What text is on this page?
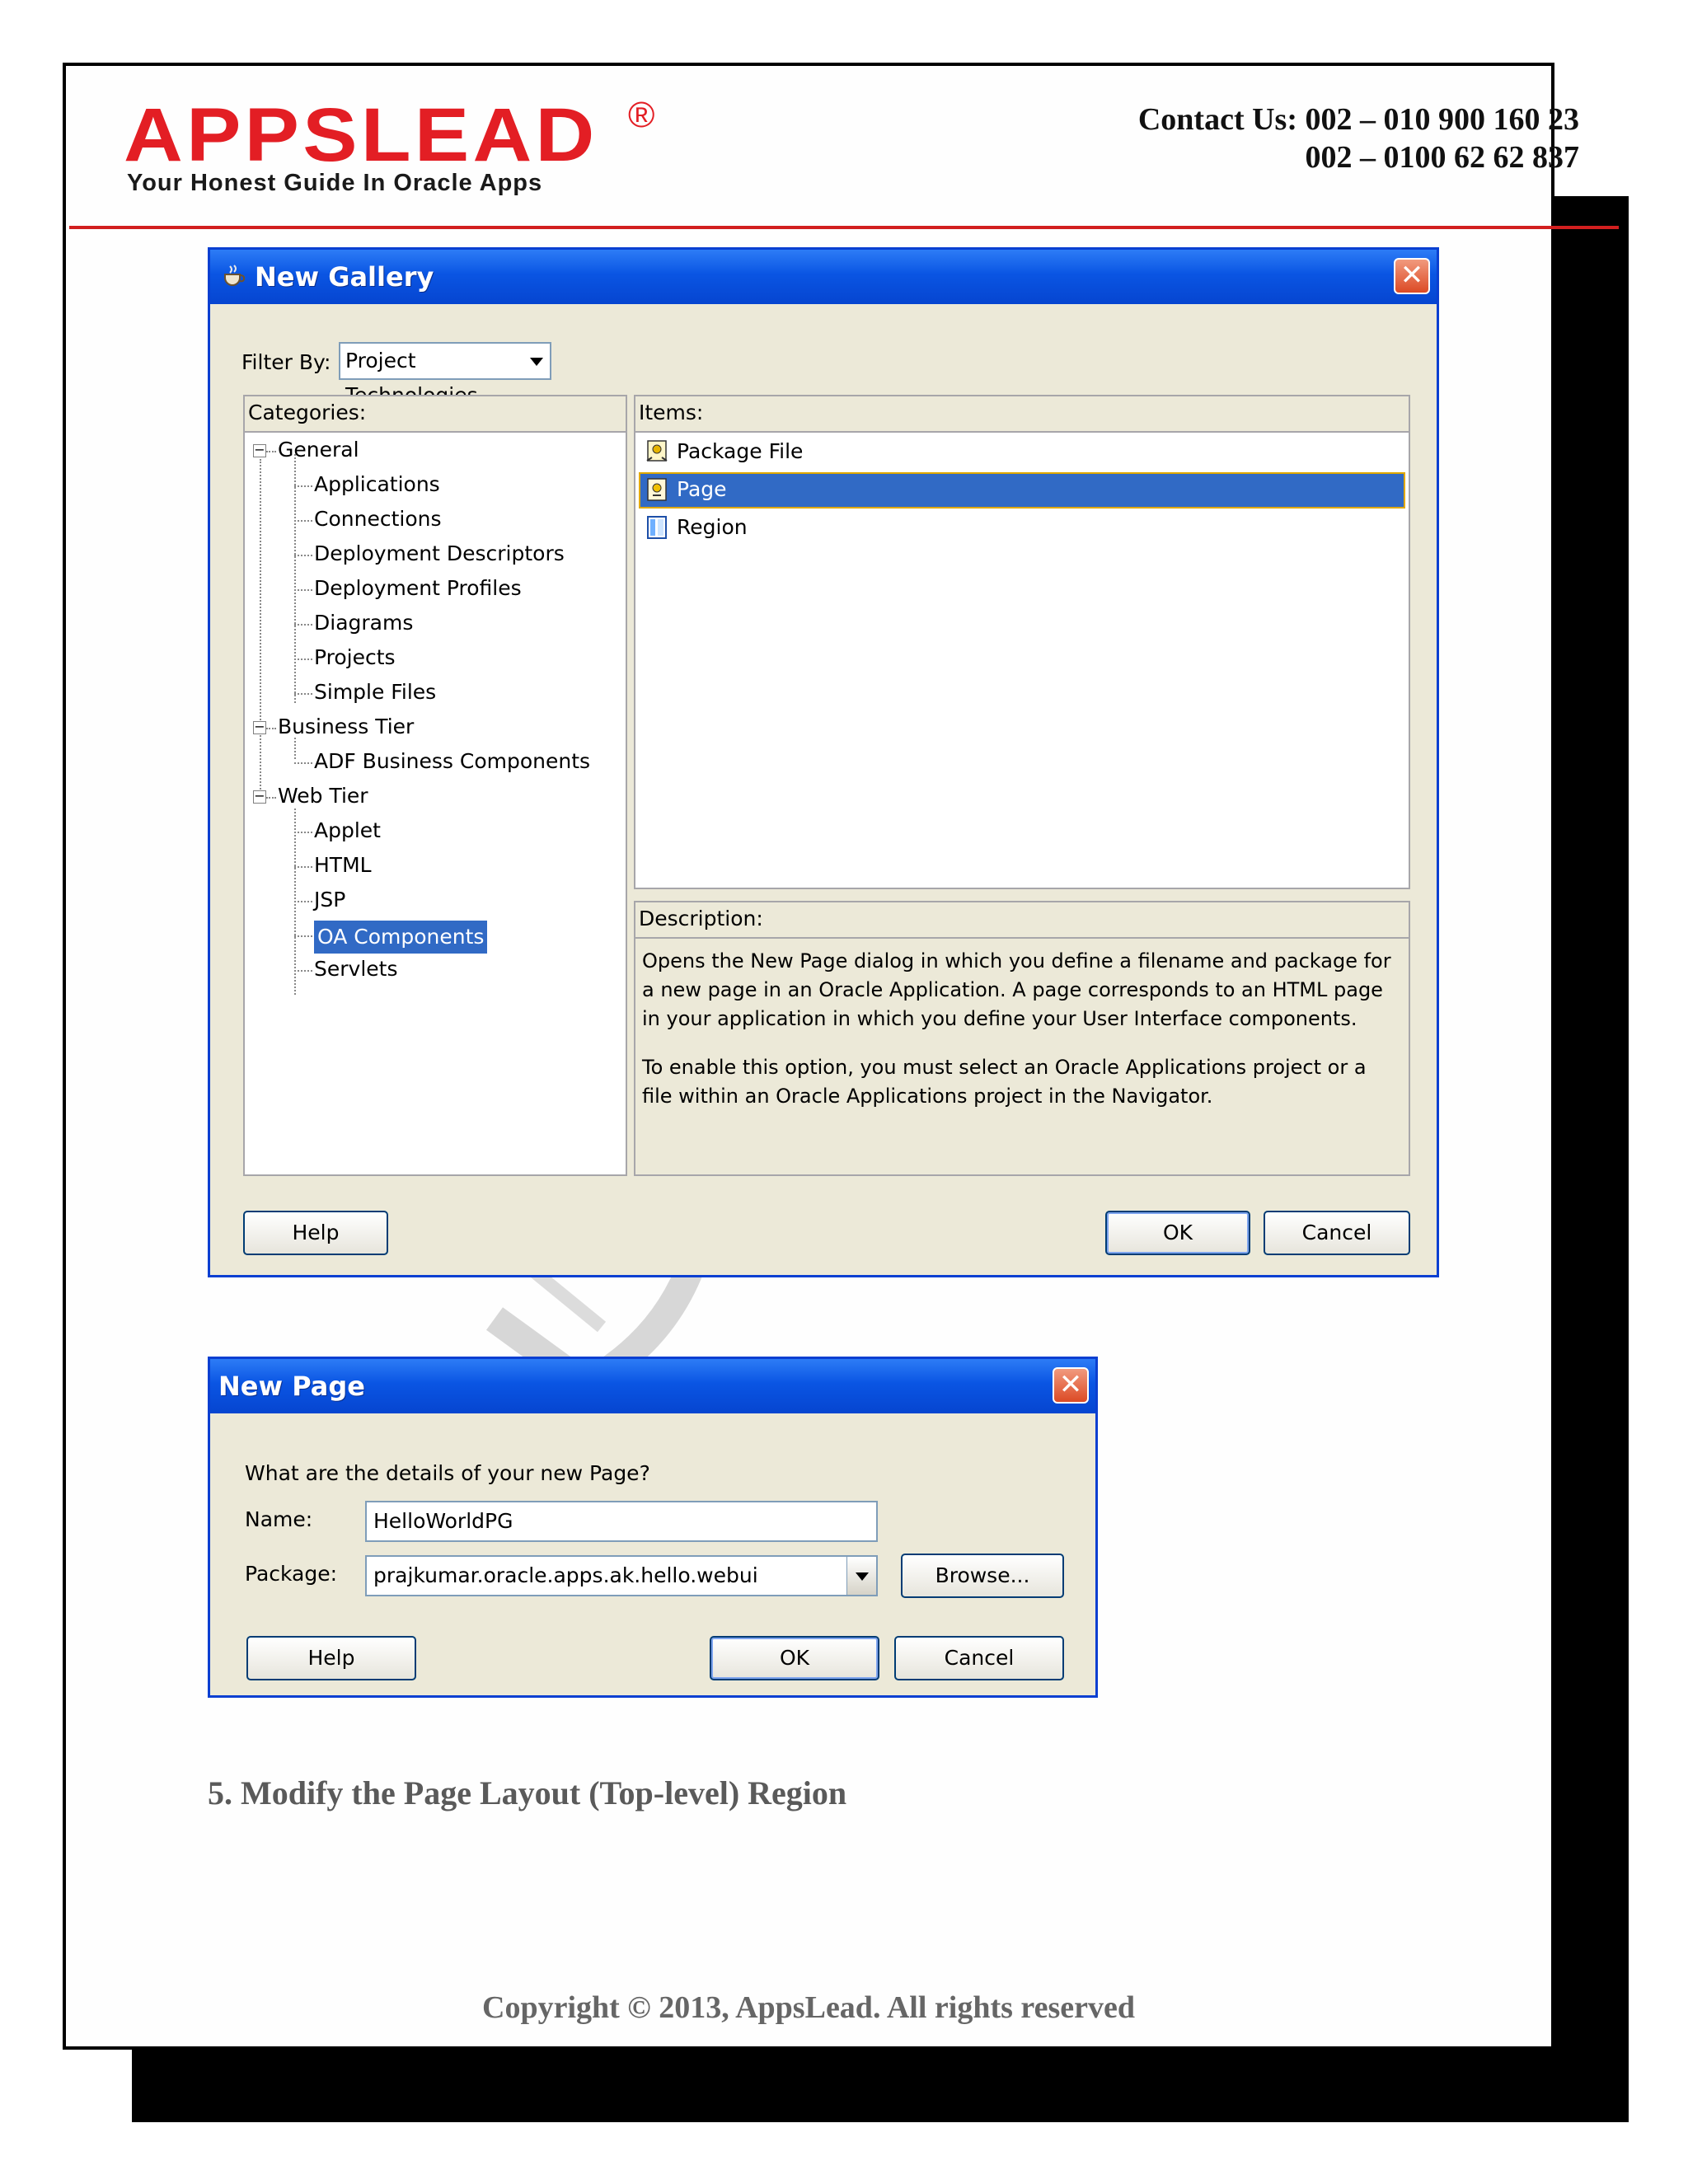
APPSLEAD ®
Your Honest Guide In Oracle Apps
Contact Us: 002 – 010 900 160 23
002 – 0100 62 62 837
New Gallery	✕
Filter By: Project
Categories:
− General
Applications
Connections
Deployment Descriptors
Deployment Profiles
Diagrams
Projects
Simple Files
− Business Tier
ADF Business Components
− Web Tier
Applet
HTML
JSP
OA Components
Servlets
Items:
Package File
Page
Region
Description:

Opens the New Page dialog in which you define a filename and package for a new page in an Oracle Application. A page corresponds to an HTML page in your application in which you define your User Interface components.

To enable this option, you must select an Oracle Applications project or a file within an Oracle Applications project in the Navigator.

Help	OK	Cancel
New Page	✕
What are the details of your new Page?
Name:	HelloWorldPG
Package:	prajkumar.oracle.apps.ak.hello.webui	Browse...
Help	OK	Cancel
5. Modify the Page Layout (Top-level) Region
Copyright © 2013, AppsLead. All rights reserved
